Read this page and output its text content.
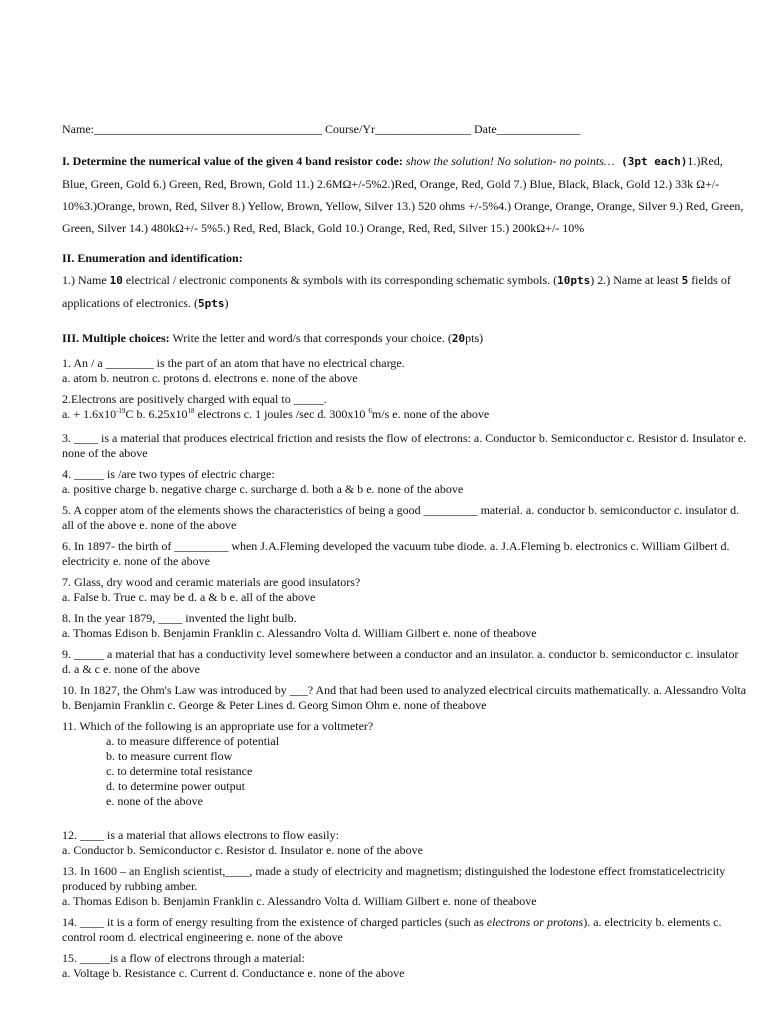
Name:______________________________________ Course/Yr________________ Date______________
I. Determine the numerical value of the given 4 band resistor code: show the solution! No solution- no points… (3pt each)1.)Red, Blue, Green, Gold 6.) Green, Red, Brown, Gold 11.) 2.6MΩ+/-5%2.)Red, Orange, Red, Gold 7.) Blue, Black, Black, Gold 12.) 33k Ω+/- 10%3.)Orange, brown, Red, Silver 8.) Yellow, Brown, Yellow, Silver 13.) 520 ohms +/-5%4.) Orange, Orange, Orange, Silver 9.) Red, Green, Green, Silver 14.) 480kΩ+/- 5%5.) Red, Red, Black, Gold 10.) Orange, Red, Red, Silver 15.) 200kΩ+/- 10%
II. Enumeration and identification:
1.) Name 10 electrical / electronic components & symbols with its corresponding schematic symbols. (10pts) 2.) Name at least 5 fields of applications of electronics. (5pts)
III. Multiple choices: Write the letter and word/s that corresponds your choice. (20pts)
1. An / a ________ is the part of an atom that have no electrical charge.
a. atom b. neutron c. protons d. electrons e. none of the above
2.Electrons are positively charged with equal to _____.
a. + $1.6x10^{-19}C$ b. $6.25x10^{18}$ electrons c. 1 joules /sec d. 300x10 $^6$m/s e. none of the above
3. ____ is a material that produces electrical friction and resists the flow of electrons: a. Conductor b. Semiconductor c. Resistor d. Insulator e. none of the above
4. _____ is /are two types of electric charge:
a. positive charge b. negative charge c. surcharge d. both a & b e. none of the above
5. A copper atom of the elements shows the characteristics of being a good _________ material. a. conductor b. semiconductor c. insulator d. all of the above e. none of the above
6. In 1897- the birth of _________ when J.A.Fleming developed the vacuum tube diode. a. J.A.Fleming b. electronics c. William Gilbert d. electricity e. none of the above
7. Glass, dry wood and ceramic materials are good insulators?
a. False b. True c. may be d. a & b e. all of the above
8. In the year 1879, ____ invented the light bulb.
a. Thomas Edison b. Benjamin Franklin c. Alessandro Volta d. William Gilbert e. none of theabove
9. _____ a material that has a conductivity level somewhere between a conductor and an insulator. a. conductor b. semiconductor c. insulator d. a & c e. none of the above
10. In 1827, the Ohm's Law was introduced by ___? And that had been used to analyzed electrical circuits mathematically. a. Alessandro Volta b. Benjamin Franklin c. George & Peter Lines d. Georg Simon Ohm e. none of theabove
11. Which of the following is an appropriate use for a voltmeter?
a. to measure difference of potential
b. to measure current flow
c. to determine total resistance
d. to determine power output
e. none of the above
12. ____ is a material that allows electrons to flow easily:
a. Conductor b. Semiconductor c. Resistor d. Insulator e. none of the above
13. In 1600 – an English scientist,____, made a study of electricity and magnetism; distinguished the lodestone effect fromstaticelectricity produced by rubbing amber.
a. Thomas Edison b. Benjamin Franklin c. Alessandro Volta d. William Gilbert e. none of theabove
14. ____ it is a form of energy resulting from the existence of charged particles (such as electrons or protons). a. electricity b. elements c. control room d. electrical engineering e. none of the above
15. _____is a flow of electrons through a material:
a. Voltage b. Resistance c. Current d. Conductance e. none of the above
